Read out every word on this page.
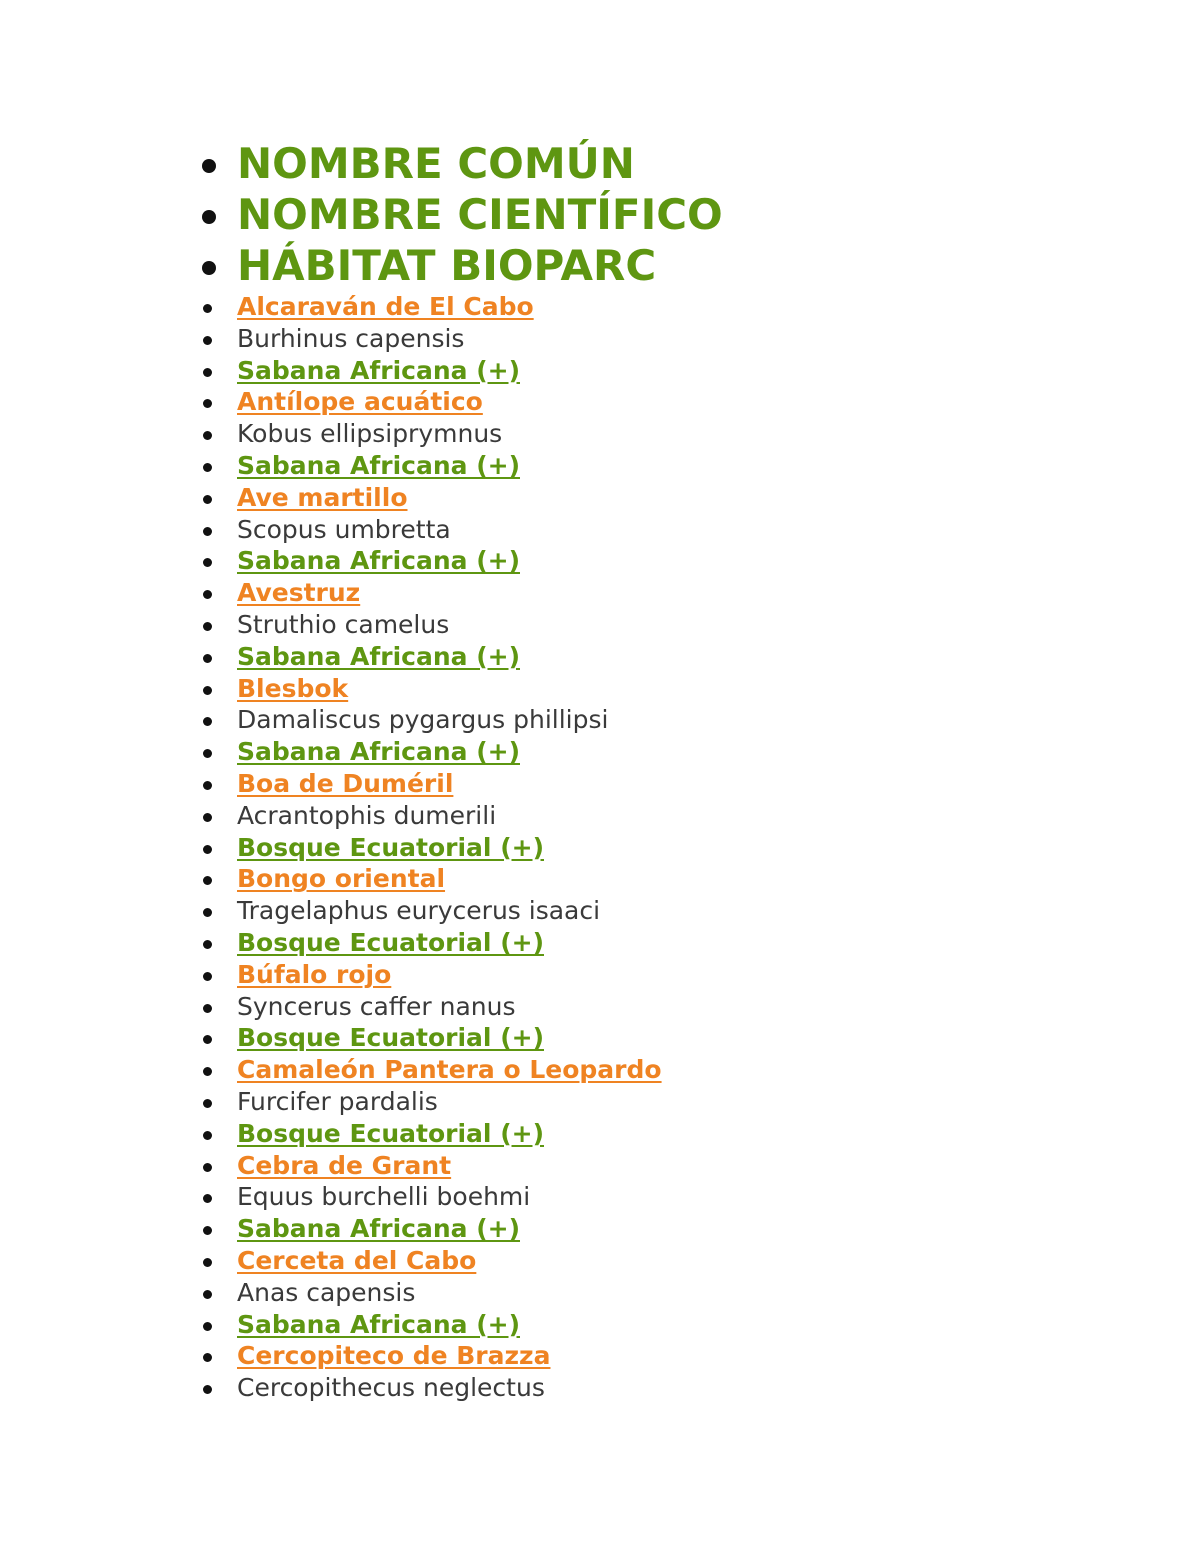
NOMBRE COMÚN
NOMBRE CIENTÍFICO
HÁBITAT BIOPARC
Alcaraván de El Cabo
Burhinus capensis
Sabana Africana (+)
Antílope acuático
Kobus ellipsiprymnus
Sabana Africana (+)
Ave martillo
Scopus umbretta
Sabana Africana (+)
Avestruz
Struthio camelus
Sabana Africana (+)
Blesbok
Damaliscus pygargus phillipsi
Sabana Africana (+)
Boa de Duméril
Acrantophis dumerili
Bosque Ecuatorial (+)
Bongo oriental
Tragelaphus eurycerus isaaci
Bosque Ecuatorial (+)
Búfalo rojo
Syncerus caffer nanus
Bosque Ecuatorial (+)
Camaleón Pantera o Leopardo
Furcifer pardalis
Bosque Ecuatorial (+)
Cebra de Grant
Equus burchelli boehmi
Sabana Africana (+)
Cerceta del Cabo
Anas capensis
Sabana Africana (+)
Cercopiteco de Brazza
Cercopithecus neglectus
